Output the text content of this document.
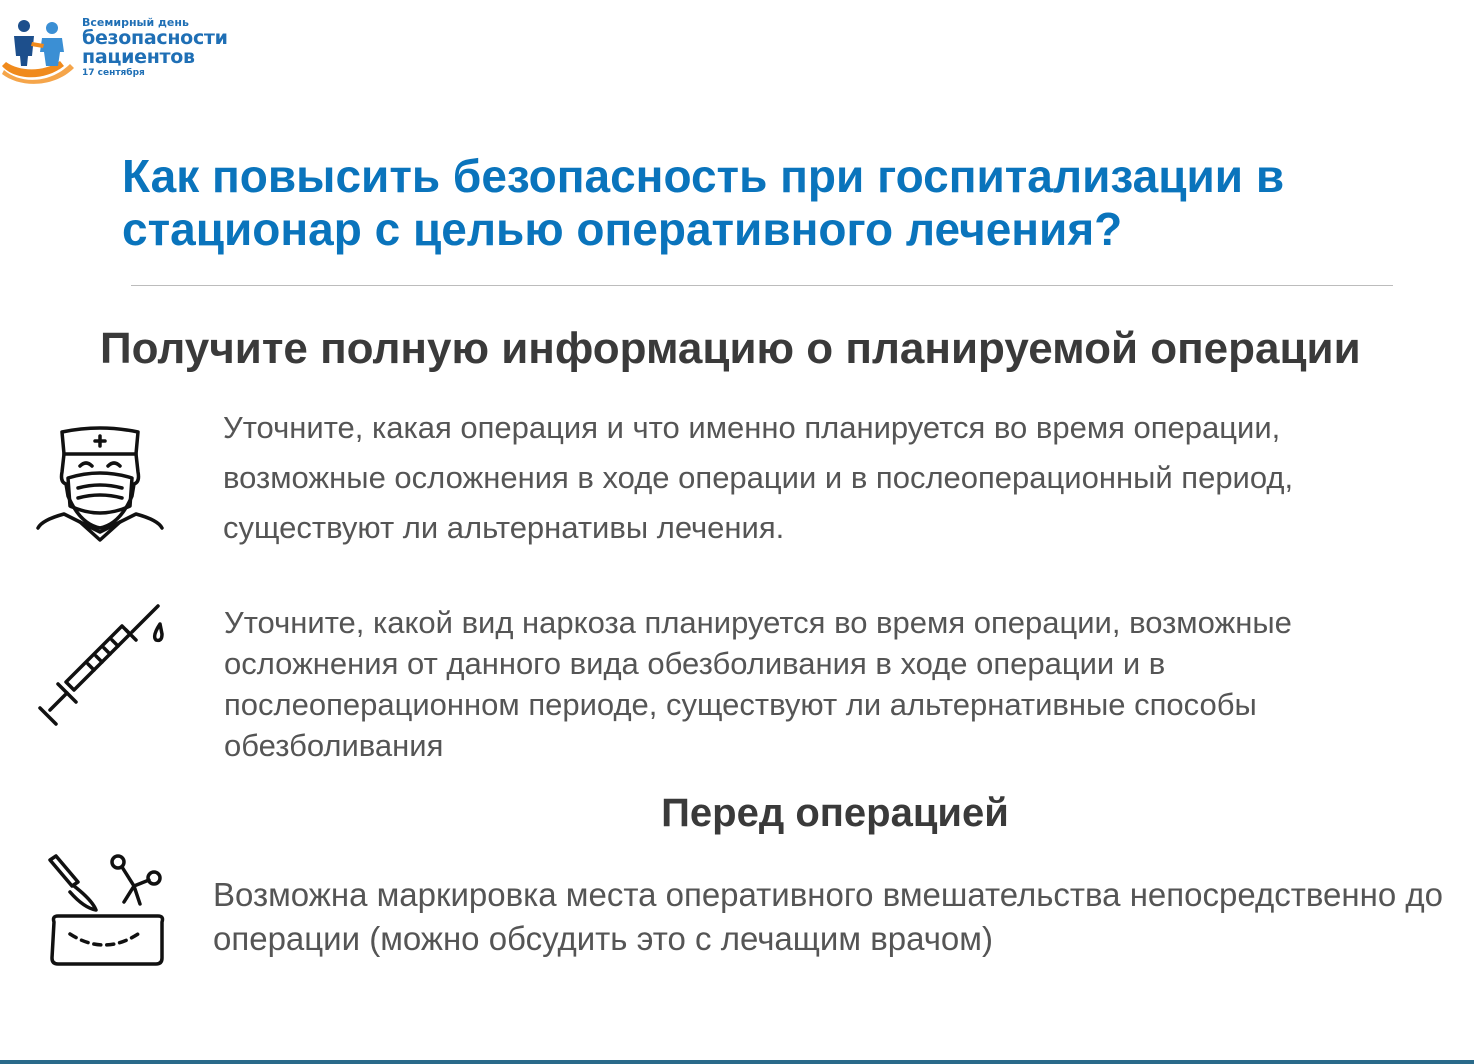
Всемирный день
безопасности
пациентов
17 сентября
Как повысить безопасность при госпитализации в стационар с целью оперативного лечения?
Получите полную информацию о планируемой операции

Уточните, какая операция и что именно планируется во время операции, возможные осложнения в ходе операции и в послеоперационный период, существуют ли альтернативы лечения.

Уточните, какой вид наркоза планируется во время операции, возможные осложнения от данного вида обезболивания в ходе операции и в послеоперационном периоде, существуют ли альтернативные способы обезболивания

Перед операцией

Возможна маркировка места оперативного вмешательства непосредственно до операции (можно обсудить это с лечащим врачом)
